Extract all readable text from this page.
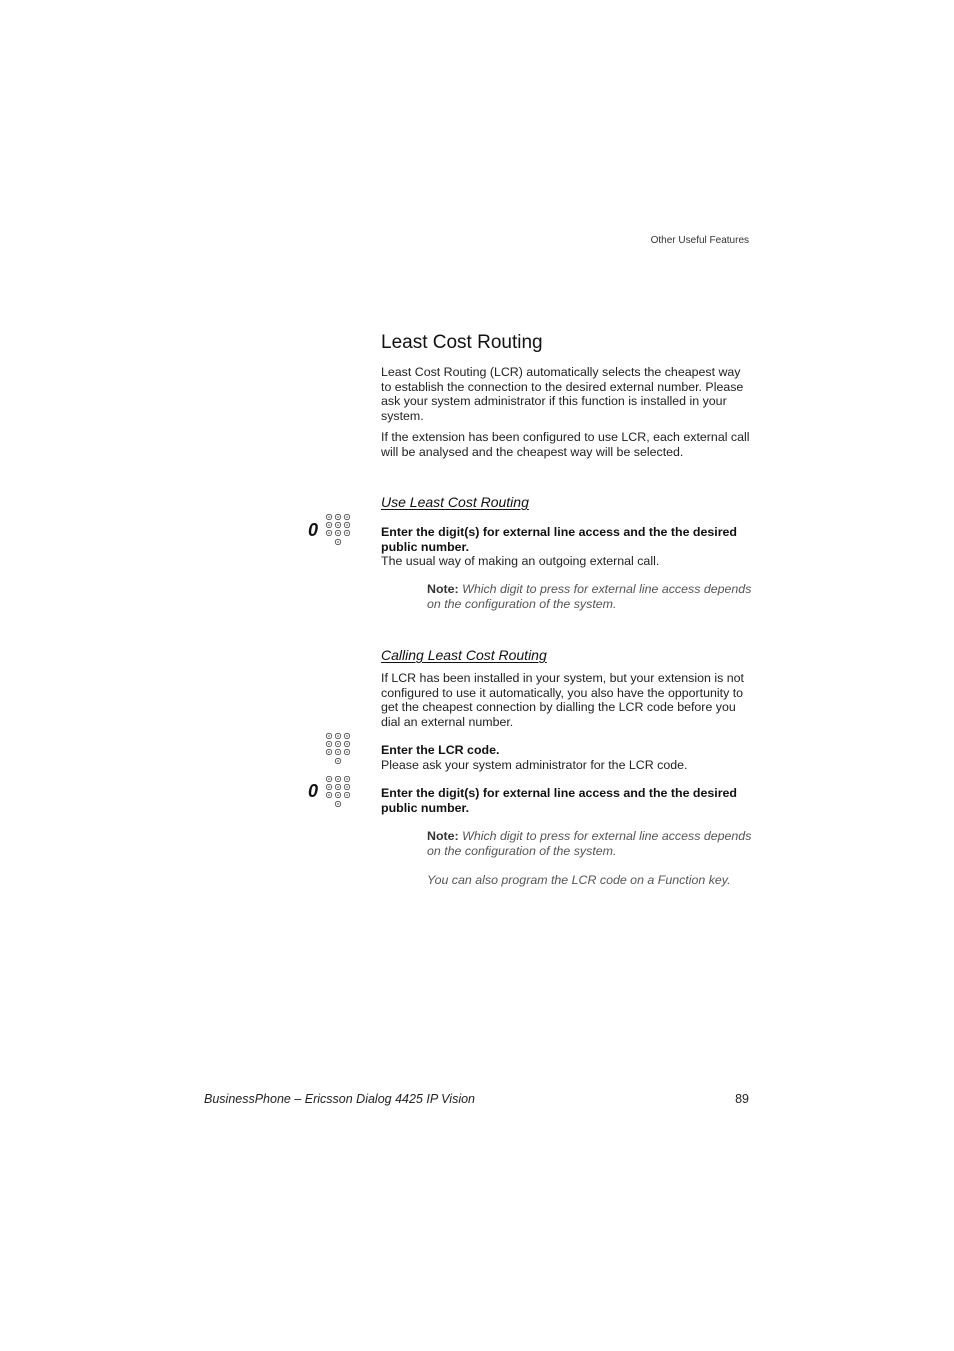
Other Useful Features
Least Cost Routing
Least Cost Routing (LCR) automatically selects the cheapest way to establish the connection to the desired external number. Please ask your system administrator if this function is installed in your system.
If the extension has been configured to use LCR, each external call will be analysed and the cheapest way will be selected.
Use Least Cost Routing
0	Enter the digit(s) for external line access and the the desired public number.
The usual way of making an outgoing external call.
Note: Which digit to press for external line access depends on the configuration of the system.
Calling Least Cost Routing
If LCR has been installed in your system, but your extension is not configured to use it automatically, you also have the opportunity to get the cheapest connection by dialling the LCR code before you dial an external number.
Enter the LCR code.
Please ask your system administrator for the LCR code.
0	Enter the digit(s) for external line access and the the desired public number.
Note: Which digit to press for external line access depends on the configuration of the system.
You can also program the LCR code on a Function key.
BusinessPhone – Ericsson Dialog 4425 IP Vision	89
